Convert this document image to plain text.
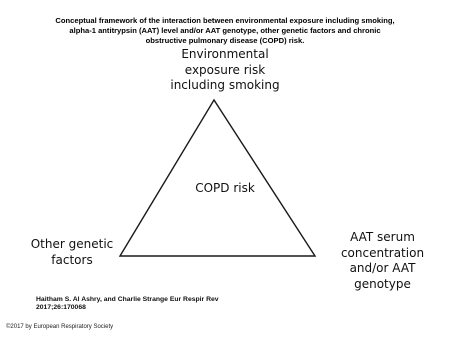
Conceptual framework of the interaction between environmental exposure including smoking,
alpha-1 antitrypsin (AAT) level and/or AAT genotype, other genetic factors and chronic
obstructive pulmonary disease (COPD) risk.
Environmental
exposure risk
including smoking
COPD risk
Other genetic
factors
AAT serum
concentration
and/or AAT
genotype
Haitham S. Al Ashry, and Charlie Strange Eur Respir Rev
2017;26:170068
©2017 by European Respiratory Society
